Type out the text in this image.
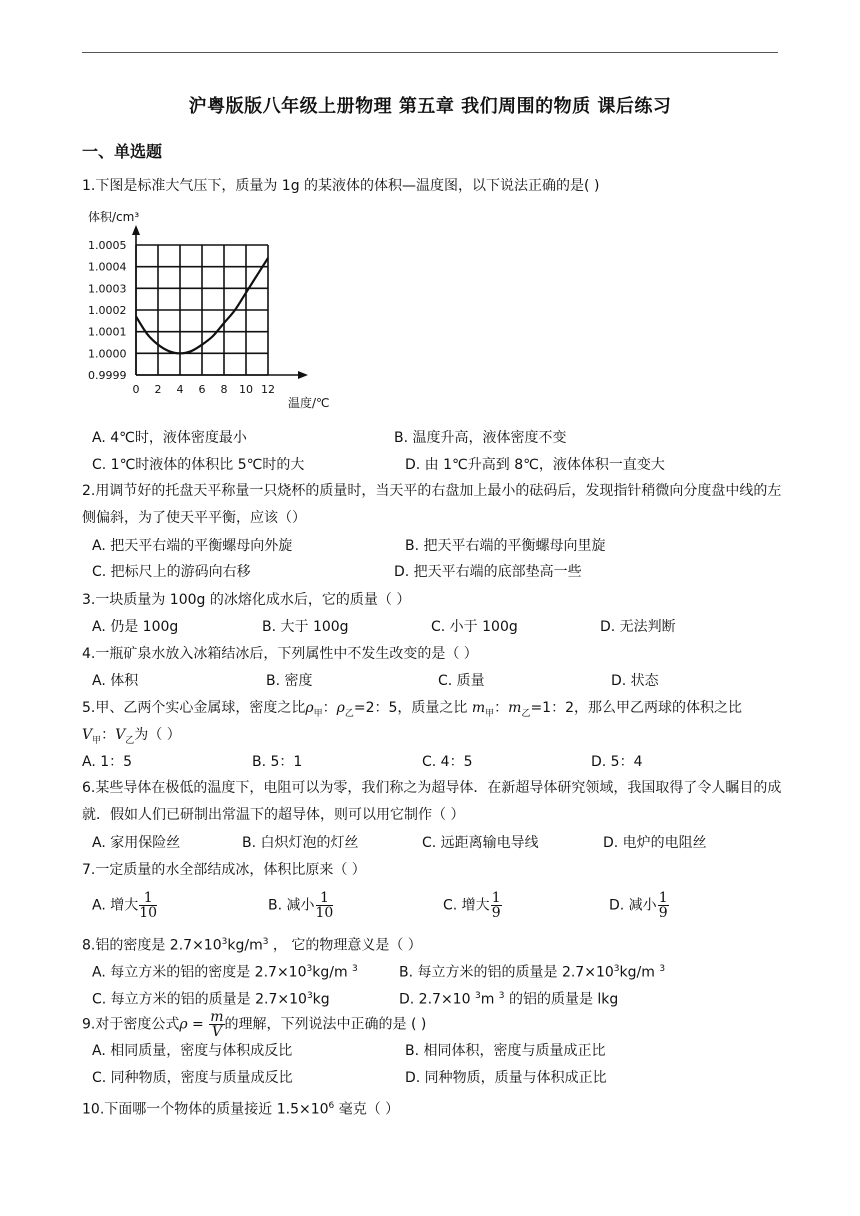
沪粤版版八年级上册物理 第五章 我们周围的物质 课后练习
一、单选题
1.下图是标准大气压下，质量为 1g 的某液体的体积—温度图，以下说法正确的是( )
0 2 4 6 8 10 12
0.9999
1.0000
1.0001
1.0002
1.0003
1.0004
1.0005
体积/cm³
温度/℃
A. 4℃时，液体密度最小	B. 温度升高，液体密度不变
C. 1℃时液体的体积比 5℃时的大	D. 由 1℃升高到 8℃，液体体积一直变大
2.用调节好的托盘天平称量一只烧杯的质量时，当天平的右盘加上最小的砝码后，发现指针稍微向分度盘中线的左侧偏斜，为了使天平平衡，应该（）
A. 把天平右端的平衡螺母向外旋	B. 把天平右端的平衡螺母向里旋
C. 把标尺上的游码向右移	D. 把天平右端的底部垫高一些
3.一块质量为 100g 的冰熔化成水后，它的质量（ ）
A. 仍是 100g	B. 大于 100g	C. 小于 100g	D. 无法判断
4.一瓶矿泉水放入冰箱结冰后，下列属性中不发生改变的是（ ）
A. 体积	B. 密度	C. 质量	D. 状态
5.甲、乙两个实心金属球，密度之比$\rho_甲$：$\rho_乙=2$：5，质量之比 $m_甲$：$m_乙=1$：2，那么甲乙两球的体积之比
$V_甲$：$V_乙$为（ ）
A. 1：5	B. 5：1	C. 4：5	D. 5：4
6.某些导体在极低的温度下，电阻可以为零，我们称之为超导体．在新超导体研究领域，我国取得了令人瞩目的成就．假如人们已研制出常温下的超导体，则可以用它制作（ ）
A. 家用保险丝	B. 白炽灯泡的灯丝	C. 远距离输电导线	D. 电炉的电阻丝
7.一定质量的水全部结成冰，体积比原来（ ）
A. 增大 $\frac{1}{10}$	B. 减小 $\frac{1}{10}$	C. 增大 $\frac{1}{9}$	D. 减小 $\frac{1}{9}$
8.铝的密度是 $2.7\times 10^3kg/m^3$ ， 它的物理意义是（ ）
A. 每立方米的铝的密度是 $2.7\times 10^3kg/m$ $^3$	B. 每立方米的铝的质量是 $2.7\times 10^3kg/m$ $^3$
C. 每立方米的铝的质量是 $2.7\times 10^3kg$	D. 2.7×10 $^3$m $^3$ 的铝的质量是 lkg
9.对于密度公式$\rho = \frac{m}{V}$ 的理解，下列说法中正确的是 ( )
A. 相同质量，密度与体积成反比	B. 相同体积，密度与质量成正比
C. 同种物质，密度与质量成反比	D. 同种物质，质量与体积成正比
10.下面哪一个物体的质量接近 $1.5\times 10^6$ 毫克（ ）
